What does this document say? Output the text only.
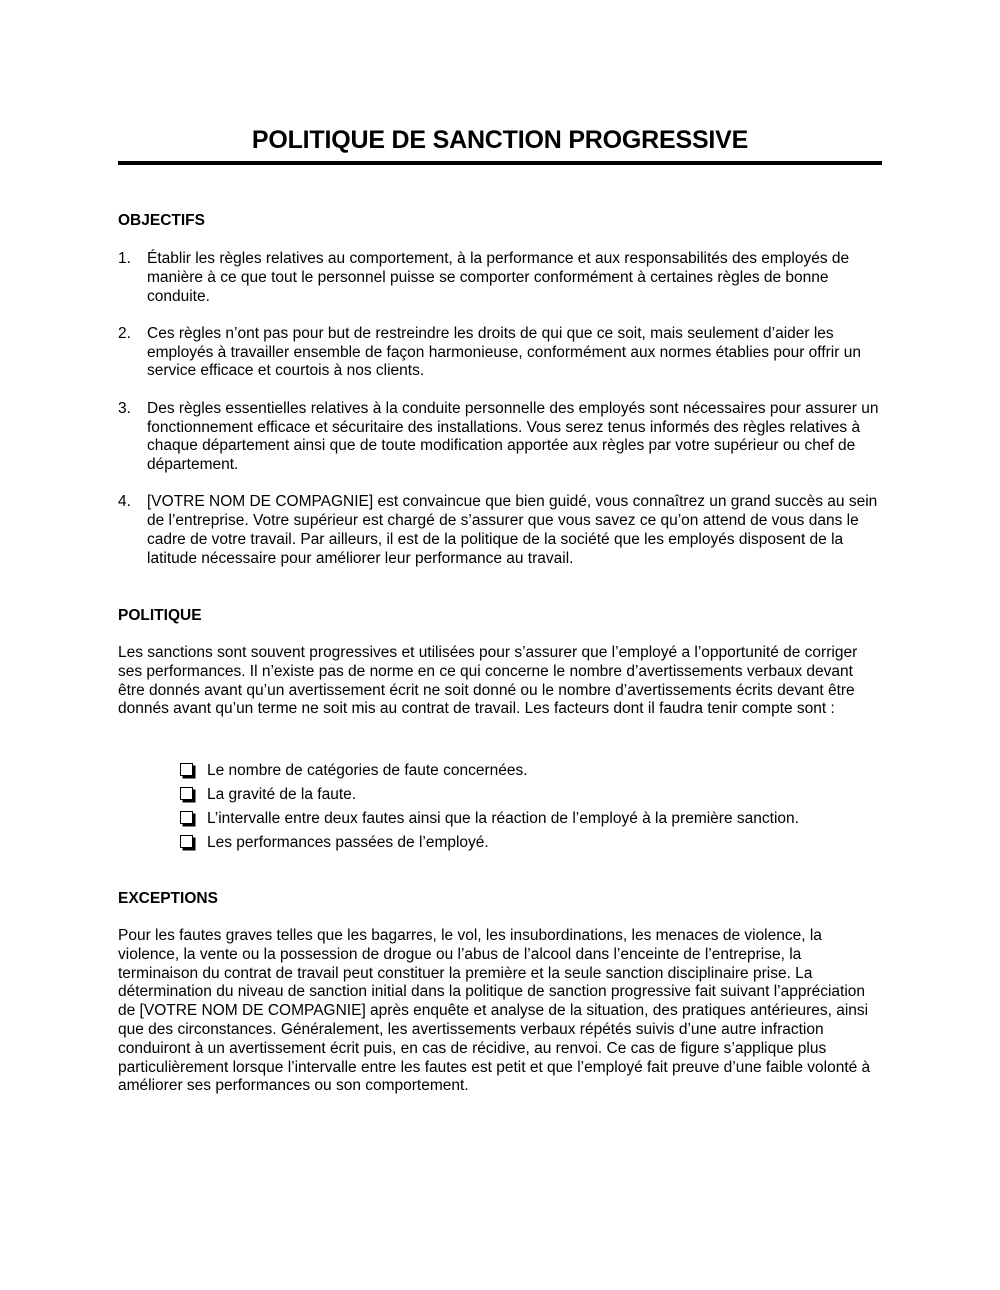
POLITIQUE DE SANCTION PROGRESSIVE
OBJECTIFS
1. Établir les règles relatives au comportement, à la performance et aux responsabilités des employés de manière à ce que tout le personnel puisse se comporter conformément à certaines règles de bonne conduite.
2. Ces règles n’ont pas pour but de restreindre les droits de qui que ce soit, mais seulement d’aider les employés à travailler ensemble de façon harmonieuse, conformément aux normes établies pour offrir un service efficace et courtois à nos clients.
3. Des règles essentielles relatives à la conduite personnelle des employés sont nécessaires pour assurer un fonctionnement efficace et sécuritaire des installations. Vous serez tenus informés des règles relatives à chaque département ainsi que de toute modification apportée aux règles par votre supérieur ou chef de département.
4. [VOTRE NOM DE COMPAGNIE] est convaincue que bien guidé, vous connaîtrez un grand succès au sein de l’entreprise. Votre supérieur est chargé de s’assurer que vous savez ce qu’on attend de vous dans le cadre de votre travail. Par ailleurs, il est de la politique de la société que les employés disposent de la latitude nécessaire pour améliorer leur performance au travail.
POLITIQUE

Les sanctions sont souvent progressives et utilisées pour s’assurer que l’employé a l’opportunité de corriger ses performances. Il n’existe pas de norme en ce qui concerne le nombre d’avertissements verbaux devant être donnés avant qu’un avertissement écrit ne soit donné ou le nombre d’avertissements écrits devant être donnés avant qu’un terme ne soit mis au contrat de travail. Les facteurs dont il faudra tenir compte sont :

Le nombre de catégories de faute concernées.
La gravité de la faute.
L’intervalle entre deux fautes ainsi que la réaction de l’employé à la première sanction.
Les performances passées de l’employé.
EXCEPTIONS

Pour les fautes graves telles que les bagarres, le vol, les insubordinations, les menaces de violence, la violence, la vente ou la possession de drogue ou l’abus de l’alcool dans l’enceinte de l’entreprise, la terminaison du contrat de travail peut constituer la première et la seule sanction disciplinaire prise. La détermination du niveau de sanction initial dans la politique de sanction progressive fait suivant l’appréciation de [VOTRE NOM DE COMPAGNIE] après enquête et analyse de la situation, des pratiques antérieures, ainsi que des circonstances. Généralement, les avertissements verbaux répétés suivis d’une autre infraction conduiront à un avertissement écrit puis, en cas de récidive, au renvoi. Ce cas de figure s’applique plus particulièrement lorsque l’intervalle entre les fautes est petit et que l’employé fait preuve d’une faible volonté à améliorer ses performances ou son comportement.
